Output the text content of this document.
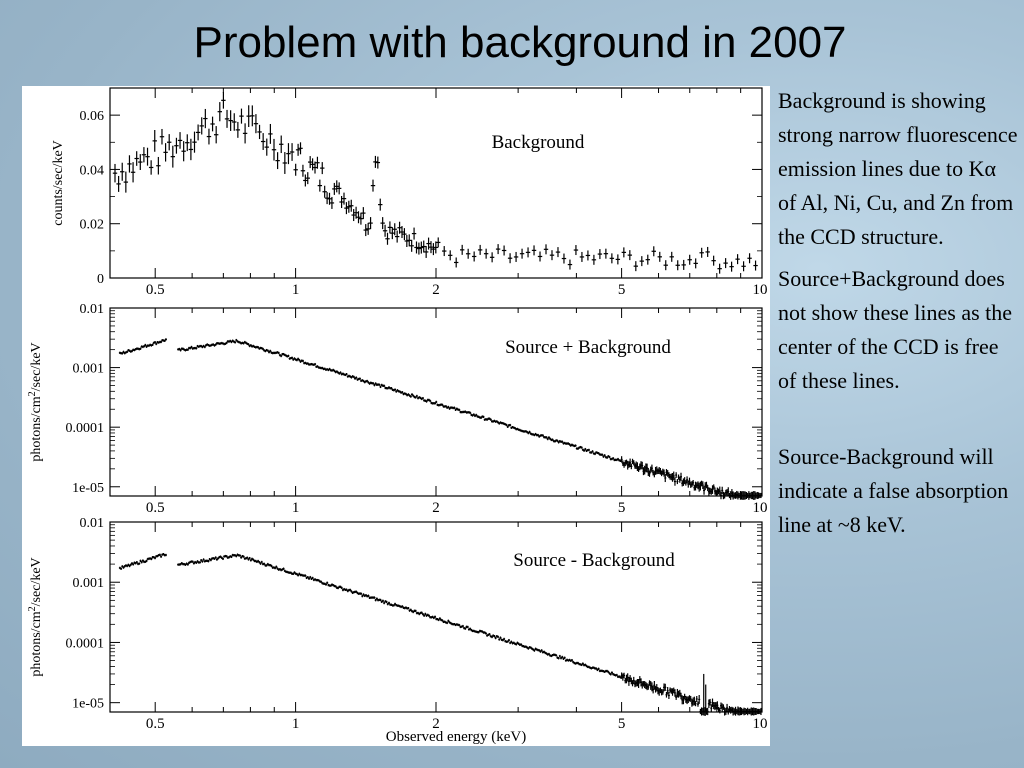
Problem with background in 2007
0.5	1	2	5	10
0
0.02
0.04
0.06
counts/sec/keV	Background
photons/$cm^2/\sec$/keV
0.5	1	2	5	10
1e-05
0.0001
0.001
0.01
Source + Background
photons/$cm^2/\sec$/keV
0.5	1	2	5	10
1e-05
0.0001
0.001
0.01
Source - Background
Observed energy (keV)

Background is showing strong narrow fluorescence emission lines due to Kα of Al, Ni, Cu, and Zn from the CCD structure.

Source+Background does not show these lines as the center of the CCD is free of these lines.

Source-Background will indicate a false absorption line at ~8 keV.
